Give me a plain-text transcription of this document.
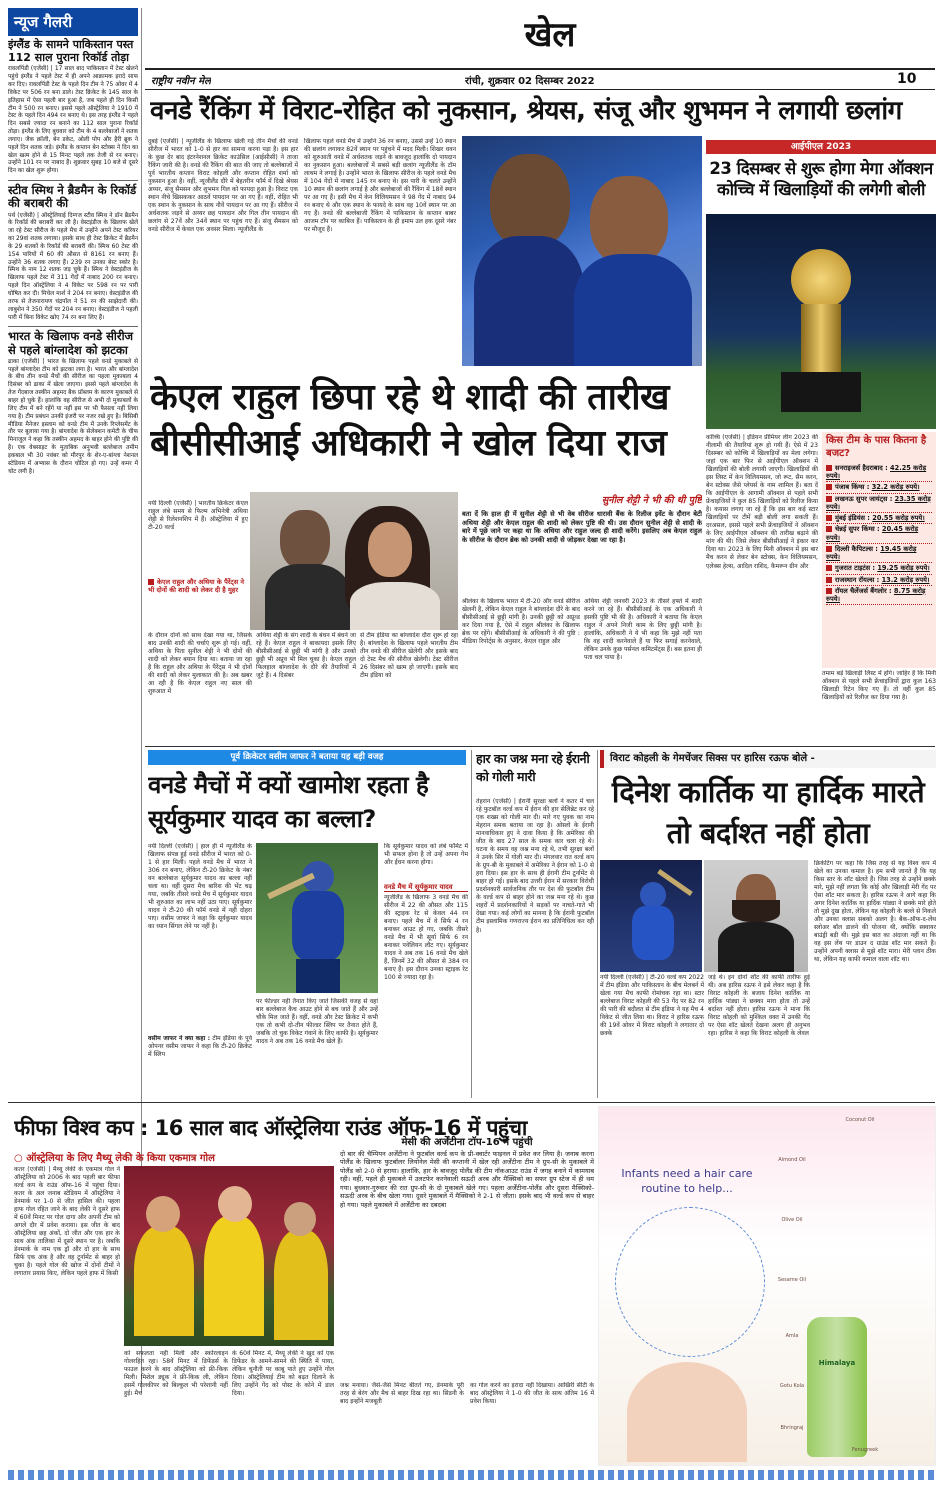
न्यूज गैलरी
इंग्लैंड के सामने पाकिस्तान पस्त 112 साल पुराना रिकॉर्ड तोड़ा
रावलपिंडी (एजेंसी) | 17 साल बाद पाकिस्तान में टेस्ट खेलने पहुंचे इंग्लैंड ने पहले टेस्ट में ही अपने आक्रामक इरादे साफ कर दिए। रावलपिंडी टेस्ट के पहले दिन टीम ने 75 ओवर में 4 विकेट पर 506 रन बना डाले। टेस्ट क्रिकेट के 145 साल के इतिहास में ऐसा पहली बार हुआ है, जब पहले ही दिन किसी टीम ने 500 रन बनाए। इससे पहले ऑस्ट्रेलिया ने 1910 में टेस्ट के पहले दिन 494 रन बनाए थे। इस तरह इंग्लैंड ने पहले दिन सबसे ज्यादा रन बनाने का 112 साल पुराना रिकॉर्ड तोड़ा। इंग्लैंड के लिए बुधवार को टीम के 4 बल्लेबाजों ने शतक लगाए। जैक क्रॉली, बेन डकेट, ओली पोप और हैरी ब्रूक ने पहले दिन शतक जड़े। इंग्लैंड के कप्तान बेन स्टोक्स ने दिन का खेल खत्म होने से 15 मिनट पहले तक तेजी से रन बनाए। उन्होंने 101 रन पर नाबाद हैं। शुक्रवार सुबह 10 बजे से दूसरे दिन का खेल शुरू होगा।
स्टीव स्मिथ ने ब्रैडमैन के रिकॉर्ड की बराबरी की
पर्थ (एजेंसी) | ऑस्ट्रेलियाई दिग्गज स्टीव स्मिथ ने डॉन ब्रैडमैन के रिकॉर्ड की बराबरी कर ली है। वेस्टइंडीज के खिलाफ खेले जा रहे टेस्ट सीरीज के पहले मैच में उन्होंने अपने टेस्ट करियर का 29वां शतक लगाया। इसके साथ ही टेस्ट क्रिकेट में ब्रैडमैन के 29 शतकों के रिकॉर्ड की बराबरी की। स्मिथ 60 टेस्ट की 154 पारियों में 60 की औसत से 8161 रन बनाए हैं। उन्होंने 36 शतक लगाए हैं। 239 रन उनका बेस्ट स्कोर है। स्मिथ के नाम 12 शतक जड़ चुके हैं। स्मिथ ने वेस्टइंडीज के खिलाफ पहले टेस्ट में 311 गेंदों में नाबाद 200 रन बनाए। पहले दिन ऑस्ट्रेलिया ने 4 विकेट पर 598 रन पर पारी घोषित कर दी। मिचेल मार्श ने 204 रन बनाए। वेस्टइंडीज की तरफ से तेजनारायण चंद्रपॉल ने 51 रन की साझेदारी की। लाबुशेन ने 350 गेंदों पर 204 रन बनाए। वेस्टइंडीज ने पहली पारी में बिना विकेट खोए 74 रन बना लिए हैं।
भारत के खिलाफ वनडे सीरीज से पहले बांग्लादेश को झटका
ढाका (एजेंसी) | भारत के खिलाफ पहले वनडे मुकाबले से पहले बांग्लादेश टीम को झटका लगा है। भारत और बांग्लादेश के बीच तीन वनडे मैचों की सीरीज का पहला मुकाबला 4 दिसंबर को ढाका में खेला जाएगा। इससे पहले बांग्लादेश के तेज गेंदबाज तस्कीन अहमद बैक प्रॉब्लम के कारण मुकाबले से बाहर हो चुके हैं। हालांकि वह सीरीज से अभी दो मुकाबलों के लिए टीम में बने रहेंगे या नहीं इस पर भी फैसला नहीं लिया गया है। टीम प्रबंधन उनकी इंजरी पर नजर रखे हुए है। बिसिबी मीडिया मैनेजर इस्लाम को वनडे टीम में उनके रिप्लेसमेंट के तौर पर बुलाया गया है। बांग्लादेश के सेलेक्शन कमेटी के चीफ मिनाजुल ने कहा कि तस्कीन अहमद के बाहर होने की पुष्टि की है। एक वेबसाइट के मुताबिक अनुभवी बल्लेबाज तमीम इकबाल भी 30 नवंबर को मीरपुर के शेर-ए-बांग्ला नेशनल स्टेडियम में अभ्यास के दौरान चोटिल हो गए। उन्हें कमर में चोट लगी है।
खेल
राष्ट्रीय नवीन मेल	रांची, शुक्रवार 02 दिसम्बर 2022	10
वनडे रैंकिंग में विराट-रोहित को नुकसान, श्रेयस, संजू और शुभमन ने लगायी छलांग
दुबई (एजेंसी) | न्यूजीलैंड के खिलाफ खेली गई तीन मैचों की वनडे सीरीज में भारत को 1-0 से हार का सामना करना पड़ा है। इस हार के कुछ देर बाद इंटरनेशनल क्रिकेट काउंसिल (आईसीसी) ने ताजा रैंकिंग जारी की है। वनडे की रैंकिंग की बात की जाए तो बल्लेबाजों में पूर्व भारतीय कप्तान विराट कोहली और कप्तान रोहित शर्मा को नुकसान हुआ है। वहीं, न्यूजीलैंड दौरे में बेहतरीन फॉर्म में दिखे श्रेयस अय्यर, संजू सैमसन और शुभमन गिल को फायदा हुआ है। विराट एक स्थान नीचे खिसककर आठवें पायदान पर आ गए हैं। वहीं, रोहित भी एक स्थान के नुकसान के साथ नौवें पायदान पर आ गए हैं। सीरीज में अर्धशतक जड़ने से अय्यर छह पायदान और गिल तीन पायदान की छलांग से 27वें और 34वें स्थान पर पहुंच गए हैं। संजू सैमसन को वनडे सीरीज में केवल एक अवसर मिला। न्यूजीलैंड के
खिलाफ पहले वनडे मैच में उन्होंने 36 रन बनाए, उससे उन्हें 10 स्थान की छलांग लगाकर 82वें स्थान पर पहुंचने में मदद मिली। शिखर धवन को शुरुआती वनडे में अर्धशतक जड़ने के बावजूद हालांकि दो पायदान का नुकसान हुआ। बल्लेबाजों में सबसे बड़ी छलांग न्यूजीलैंड के टॉम लाथम ने लगाई है। उन्होंने भारत के खिलाफ सीरीज के पहले वनडे मैच में 104 गेंदों में नाबाद 145 रन बनाए थे। इस पारी के चलते उन्होंने 10 स्थान की छलांग लगाई है और बल्लेबाजों की रैंकिंग में 18वें स्थान पर आ गए हैं। इसी मैच में केन विलियमसन ने 98 गेंद में नाबाद 94 रन बनाए थे और एक स्थान के फायदे के साथ वह 10वें स्थान पर आ गए हैं। वनडे की बल्लेबाजी रैंकिंग में पाकिस्तान के कप्तान बाबर आजम टॉप पर काबिज हैं। पाकिस्तान के ही इमाम उल हक दूसरे नंबर पर मौजूद हैं।
आईपीएल 2023
23 दिसम्बर से शुरू होगा मेगा ऑक्शन कोच्चि में खिलाड़ियों की लगेगी बोली
कोच्चि (एजेंसी) | इंडियन प्रीमियर लीग 2023 की नीलामी की तैयारियां शुरू हो गयी हैं। ऐसे में 23 दिसम्बर को कोच्चि में खिलाड़ियों का मेला लगेगा। जहां एक बार फिर से आईपीएल ऑक्शन में खिलाड़ियों की बोली लगायी जाएगी। खिलाड़ियों की इस लिस्ट में केन विलियमसन, जो रूट, सैम करन, बेन स्टोक्स जैसे प्लेयर्स के नाम शामिल हैं। बता दें कि आईपीएल के आगामी ऑक्शन से पहले सभी फ्रेंचाइजियों ने कुल 85 खिलाड़ियों को रिलीज किया है। कयास लगाए जा रहे हैं कि इस बार कई स्टार खिलाड़ियों पर टीमें बड़ी बोली लगा सकती हैं। दरअसल, इससे पहले सभी फ्रेंचाइजियों ने ऑक्शन के लिए आईपीएल ऑक्शन की तारीख बढ़ाने की मांग की थी। जिसे लेकर बीसीसीआई ने इंकार कर दिया था। 2023 के लिए मिनी ऑक्शन में इस बार मैच करन से लेकर बेन स्टोक्स, केन विलियमसन, एलेक्स हेल्स, आदिल राशिद, कैमरून ग्रीन और
किस टीम के पास कितना है बजट?
सनराइजर्स हैदराबाद : 42.25 करोड़ रुपये।
पंजाब किंग्स : 32.2 करोड़ रुपये।
लखनऊ सुपर जायंट्स : 23.35 करोड़ रुपये।
मुंबई इंडियंस : 20.55 करोड़ रुपये।
चेन्नई सुपर किंग्स : 20.45 करोड़ रुपये।
दिल्ली कैपिटल्स : 19.45 करोड़ रुपये।
गुजरात टाइटंस : 19.25 करोड़ रुपये।
राजस्थान रॉयल्स : 13.2 करोड़ रुपये।
रॉयल चैलेंजर्स बैंगलोर : 8.75 करोड़ रुपये।
तमाम बड़े खिलाड़ी लिस्ट में होंगे। जाहिर है कि मिनी ऑक्शन से पहले सभी फ्रेंचाइजियों द्वारा कुल 163 खिलाड़ी रिटेन किए गए हैं। तो वहीं कुल 85 खिलाड़ियों को रिलीज कर दिया गया है।
केएल राहुल छिपा रहे थे शादी की तारीख
बीसीसीआई अधिकारी ने खोल दिया राज
नयी दिल्ली (एजेंसी) | भारतीय क्रिकेटर केएल राहुल लंबे समय से फिल्म अभिनेत्री अथिया शेट्टी से रिलेशनशिप में हैं। ऑस्ट्रेलिया में हुए टी-20 वर्ल्ड
केएल राहुल और अथिया के पैरेंट्स ने भी दोनों की शादी को लेकर दी है मुहर
सुनील शेट्टी ने भी की थी पुष्टि
बता दें कि हाल ही में सुनील शेट्टी से भी वेब सीरीज धारावी बैंक के रिलीज इवेंट के दौरान बेटी अथिया शेट्टी और केएल राहुल की शादी को लेकर पुष्टि की थी। उस दौरान सुनील शेट्टी से शादी के बारे में पूछे जाने पर कहा था कि अथिया और राहुल जल्द ही शादी करेंगे। इसलिए अब केएल राहुल के सीरीज के दौरान ब्रेक को उनकी शादी से जोड़कर देखा जा रहा है।
के दौरान दोनों को साथ देखा गया था, जिसके बाद उनकी शादी की चर्चाएं शुरू हो गई। वहीं, अथिया के पिता सुनील शेट्टी ने भी दोनों की शादी को लेकर बयान दिया था। बताया जा रहा है कि राहुल और अथिया के पैरेंट्स ने भी दोनों की शादी को लेकर मुलाकात की है। अब खबर आ रही है कि केएल राहुल नए साल की शुरुआत में
अथिया शेट्टी के संग शादी के बंधन में बंधने जा रहे हैं। केएल राहुल ने बाकायदा इसके लिए बीसीसीआई से छुट्टी भी मांगी है और उनको छुट्टी भी अप्रूव भी मिल चुका है। केएल राहुल फिलहाल बांग्लादेश के दौरे की तैयारियों में जुटे हैं। 4 दिसंबर
से टीम इंडिया का बांग्लादेश दौरा शुरू हो रहा है। बांग्लादेश के खिलाफ पहले भारतीय टीम तीन वनडे की सीरीज खेलेगी और इसके बाद दो टेस्ट मैच की सीरीज खेलेगी। टेस्ट सीरीज 26 दिसंबर को खत्म हो जाएगी। इसके बाद टीम इंडिया को
श्रीलंका के खिलाफ भारत में टी-20 और वनडे सीरीज खेलनी है, लेकिन केएल राहुल ने बांग्लादेश दौरे के बाद बीसीसीआई से छुट्टी मांगी है। उनकी छुट्टी को अप्रूव्ड कर दिया गया है, ऐसे में राहुल श्रीलंका के खिलाफ ब्रेक पर रहेंगे। बीसीसीआई के अधिकारी ने की पुष्टि : मीडिया रिपोर्ट्स के अनुसार, केएल राहुल और
अथिया शेट्टी जनवरी 2023 के तीसरे हफ्ते में शादी करने जा रहे हैं। बीसीसीआई के एक अधिकारी ने इसकी पुष्टि भी की है। अधिकारी ने बताया कि केएल राहुल ने अपने निजी काम के लिए छुट्टी मांगी है। हालांकि, अधिकारी ने ये भी कहा कि मुझे नहीं पता कि वह शादी करनेवाले हैं या फिर सगाई करनेवाले, लेकिन उनके कुछ पर्सनल कमिटमेंट्स हैं। बस इतना ही पता चल पाया है।
पूर्व क्रिकेटर वसीम जाफर ने बताया यह बड़ी वजह
वनडे मैचों में क्यों खामोश रहता है सूर्यकुमार यादव का बल्ला?
नयी दिल्ली (एजेंसी) | हाल ही में न्यूजीलैंड के खिलाफ संपन्न हुई वनडे सीरीज में भारत को 0-1 से हार मिली। पहले वनडे मैच में भारत ने 306 रन बनाए, लेकिन टी-20 क्रिकेट के नंबर वन बल्लेबाज सूर्यकुमार यादव का बल्ला नहीं चला था। वहीं दूसरा मैच बारिश की भेंट चढ़ गया, जबकि तीसरे वनडे मैच में सूर्यकुमार यादव भी शुरुआत का लाभ नहीं उठा पाए। सूर्यकुमार यादव ने टी-20 की फॉर्म वनडे में नहीं दोहरा पाए। वसीम जाफर ने कहा कि सूर्यकुमार यादव का ध्यान सिंगल लेने पर नहीं है।
पर फील्डर नहीं तैनात किए जाते जिसकी वजह से वहां बार बल्लेबाज कैच आउट होने से बच जाते हैं और उन्हें चौके मिल जाते हैं। वहीं, वनडे और टेस्ट क्रिकेट में कभी एक तो कभी दो-तीन फील्डर स्लिप पर तैनात होते हैं, जबकि तो चुक विकेट गंवाने के लिए काफी है। सूर्यकुमार यादव ने अब तक 16 वनडे मैच खेले हैं।
कि सूर्यकुमार यादव को लंबे फॉर्मेट में भी सफल होना है तो उन्हें अपना गेम और ईंधन करना होगा।
वनडे मैच में सूर्यकुमार यादव
न्यूजीलैंड के खिलाफ 3 वनडे मैच की सीरीज में 22 की औसत और 115 की स्ट्राइक रेट से केवल 44 रन बनाए। पहले मैच में वे सिर्फ 4 रन बनाकर आउट हो गए, जबकि तीसरे वनडे मैच में भी सूर्या सिर्फ 6 रन बनाकर पवेलियन लौट गए। सूर्यकुमार यादव ने अब तक 16 वनडे मैच खेले हैं, जिनमें 32 की औसत से 384 रन बनाए हैं। इस दौरान उनका स्ट्राइक रेट 100 से ज्यादा रहा है।
वसीम जाफर ने क्या कहा : टीम इंडिया के पूर्व ओपनर वसीम जाफर ने कहा कि टी-20 क्रिकेट में स्लिप
हार का जश्न मना रहे ईरानी को गोली मारी
तेहरान (एजेंसी) | ईरानी सुरक्षा बलों ने कतर में चल रहे फुटबॉल वर्ल्ड कप में ईरान की हार सेलिब्रेट कर रहे एक शख्स को गोली मार दी। मारे गए युवक का नाम मेहरान समक बताया जा रहा है। ओस्लो के ईरानी मानवाधिकार हुए ने दावा किया है कि अमेरिका की जीत के बाद 27 साल के समक कार चला रहे थे। घटना के समय वह जश्न मना रहे थे, तभी सुरक्षा बलों ने उनके सिर में गोली मार दी। मंगलवार रात वर्ल्ड कप के ग्रुप-बी के मुकाबले में अमेरिका ने ईरान को 1-0 से हरा दिया। इस हार के साथ ही ईरानी टीम टूर्नामेंट से बाहर हो गई। इसके बाद उत्तरी ईरान में सरकार विरोधी प्रदर्शनकारी सार्वजनिक तौर पर देश की फुटबॉल टीम के वर्ल्ड कप से बाहर होने का जश्न मना रहे थे। कुछ शहरों में प्रदर्शनकारियों ने सड़कों पर नाचते-गाते भी देखा गया। कई लोगों का मानना है कि ईरानी फुटबॉल टीम इस्लामिक गणराज्य ईरान का प्रतिनिधित्व कर रही है।
विराट कोहली के गेमचेंजर सिक्स पर हारिस रऊफ बोले -
दिनेश कार्तिक या हार्दिक मारते तो बर्दाश्त नहीं होता
नयी दिल्ली (एजेंसी) | टी-20 वर्ल्ड कप 2022 में टीम इंडिया और पाकिस्तान के बीच मेलबर्न में खेला गया मैच काफी रोमांचक रहा था। स्टार बल्लेबाज विराट कोहली की 53 गेंद पर 82 रन की पारी की बदौलत से टीम इंडिया ने यह मैच 4 विकेट से जीत लिया था। विराट ने हारिस रऊफ की 19वें ओवर में विराट कोहली ने लगातार दो छक्के
जड़े थे। इन दोनों शॉट की काफी तारीफ हुई थी। अब हारिस रऊफ ने इसे लेकर कहा है कि विराट कोहली के बजाय दिनेश कार्तिक या हार्दिक पांड्या ने छक्का मारा होता तो उन्हें बर्दाश्त नहीं होता। हारिस रऊफ ने माना कि विराट कोहली को मुश्किल वक्त में उनकी गेंद पर ऐसा शॉट खेलते देखना अलग ही अनुभव रहा। हारिस ने कहा कि विराट कोहली के लेवल
क्रिकेटिंग पर कहा कि जिस तरह से यह विश्व कप में खेले का उनका कमाल है। हम सभी जानते हैं कि यह किस स्तर के शॉट खेलते हैं। जिस तरह से उन्होंने छक्के मारे, मुझे नहीं लगता कि कोई और खिलाड़ी मेरी गेंद पर ऐसा शॉट मार सकता है। हारिस रऊफ ने आगे कहा कि अगर दिनेश कार्तिक या हार्दिक पांड्या ने छक्के मारे होते तो मुझे दुख होता, लेकिन यह कोहली के बल्ले से निकले और उनका क्लास सबको अलग है। बैक-ऑफ-द-लेंथ स्लोअर बॉल डालने की योजना थी, क्योंकि स्क्वायर बाउंड्री बड़ी थी। मुझे इस बात का अंदाजा नहीं था कि वह इस लेंथ पर डाउन द ग्राउंड शॉट मार सकते हैं। उन्होंने अपनी क्लास से मुझे शॉट मारा। मेरी प्लान ठीक था, लेकिन यह काफी कमाल वाला शॉट था।
फीफा विश्व कप : 16 साल बाद ऑस्ट्रेलिया राउंड ऑफ-16 में पहुंचा
○ ऑस्ट्रेलिया के लिए मैथ्यू लेकी के किया एकमात्र गोल
कतर (एजेंसी) | मैथ्यू लेकी के एकमात्र गोल ने ऑस्ट्रेलिया को 2006 के बाद पहली बार फीफा वर्ल्ड कप के राउंड ऑफ-16 में पहुंचा दिया। कतर के अल जनाब स्टेडियम में ऑस्ट्रेलिया ने डेनमार्क पर 1-0 से जीत हासिल की। पहला हाफ गोल रहित जाने के बाद लेकी ने दूसरे हाफ में 60वें मिनट पर गोल दागा और अपनी टीम को अगले दौर में प्रवेश कराया। इस जीत के बाद ऑस्ट्रेलिया छह अंकों, दो जीत और एक हार के साथ अंक तालिका में दूसरे स्थान पर है। जबकि डेनमार्क के नाम एक ड्रॉ और दो हार के साथ सिर्फ एक अंक है और वह टूर्नामेंट से बाहर हो चुका है। पहले गोल की खोज में दोनों टीमों ने लगातार प्रयास किए, लेकिन पहले हाफ में किसी
को सफलता नहीं मिली और स्कोरलाइन गोलरहित रहा। 58वें मिनट में डिफेंडर्स के फाउल करने के बाद ऑस्ट्रेलिया को फ्री-किक मिली। मिशेल ड्यूक ने फ्री-किक ली, लेकिन इसमें गोलकीपर को बिल्कुल भी परेशानी नहीं हुई। मैच
के 60वें मिनट में, मैथ्यू लेकी ने खुद को एक डिफेंडर के आमने-सामने की स्थिति में पाया, लेकिन चुनौती पर काबू पाते हुए उन्होंने गोल दिया। ऑस्ट्रेलियाई टीम को बढ़त दिलाने के लिए उन्होंने गेंद को पोस्ट के कोने में डाल दिया।
मेसी की अर्जेंटीना टॉप-16 में पहुंची
दो बार की चैम्पियन अर्जेंटीना ने फुटबॉल वर्ल्ड कप के प्री-क्वार्टर फाइनल में प्रवेश कर लिया है। जनाब करना पोलैंड के खिलाफ फुटबॉलर लियोनेल मेसी की कप्तानी में खेल रही अर्जेंटीना टीम ने ग्रुप-सी के मुकाबले में पोलैंड को 2-0 से हराया। हालांकि, हार के बावजूद पोलैंड की टीम नॉकआउट राउंड में जगह बनाने में कामयाब रही। वहीं, पहले ही मुकाबले में उलटफेर करनेवाली सऊदी अरब और मैक्सिको का सफर ग्रुप स्टेज में ही थम गया। बुधवार-गुरुवार की रात ग्रुप-सी के दो मुकाबले खेले गए। पहला अर्जेंटीना-पोलैंड और दूसरा मैक्सिको-सऊदी अरब के बीच खेला गया। दूसरे मुकाबले में मैक्सिको ने 2-1 से जीता। इसके बाद भी वर्ल्ड कप से बाहर हो गया। पहले मुकाबले में अर्जेंटीना का दबदबा
जश्न मनाया। जैसे-जैसे मिनट बीतते गए, डेनमार्क पूरी तरह से बेरंग और मैच से बाहर दिख रहा था। सिडनी के बाद इन्होंने मजबूती
का गोल करने का इरादा नहीं दिखाया। आखिरी सीटी के बाद ऑस्ट्रेलिया ने 1-0 की जीत के साथ अंतिम 16 में प्रवेश किया।
Infants need a hair care routine to help...
Himalaya
Coconut Oil
Almond Oil
Olive Oil
Sesame Oil
Amla
Gotu Kola
Bhringraj
Fenugreek
